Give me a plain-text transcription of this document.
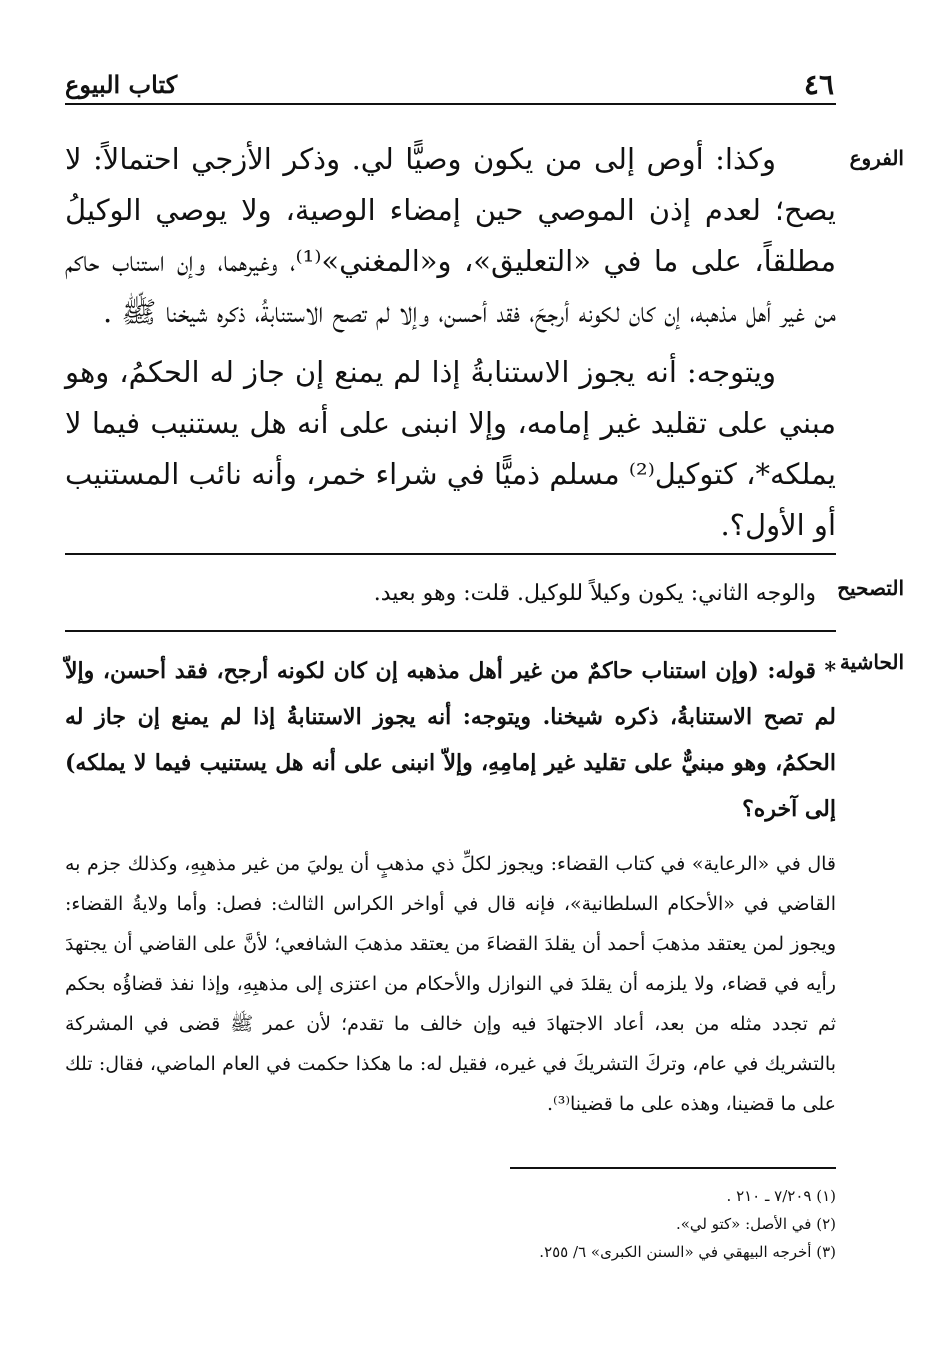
٤٦
كتاب البيوع
الفروع

وكذا: أوص إلى من يكون وصيًّا لي. وذكر الأزجي احتمالاً: لا يصح؛ لعدم إذن الموصي حين إمضاء الوصية، ولا يوصي الوكيلُ مطلقاً، على ما في «التعليق»، و«المغني»⁽¹⁾، وغيرهما، وإن استناب حاكم من غير أهل مذهبه، إن كان لكونه أرجحَ، فقد أحسن، وإلا لم تصح الاستنابةُ، ذكره شيخنا ﷺ .

ويتوجه: أنه يجوز الاستنابةُ إذا لم يمنع إن جاز له الحكمُ، وهو مبني على تقليد غير إمامه، وإلا انبنى على أنه هل يستنيب فيما لا يملكه*، كتوكيل⁽²⁾ مسلم ذميًّا في شراء خمر، وأنه نائب المستنيب أو الأول؟.

التصحيح

والوجه الثاني: يكون وكيلاً للوكيل. قلت: وهو بعيد.

الحاشية

* قوله: (وإن استناب حاكمٌ من غير أهل مذهبه إن كان لكونه أرجح، فقد أحسن، وإلاّ لم تصح الاستنابةُ، ذكره شيخنا. ويتوجه: أنه يجوز الاستنابةُ إذا لم يمنع إن جاز له الحكمُ، وهو مبنيٌّ على تقليد غير إمامِهِ، وإلاّ انبنى على أنه هل يستنيب فيما لا يملكه) إلى آخره؟

قال في «الرعاية» في كتاب القضاء: ويجوز لكلِّ ذي مذهبٍ أن يوليَ من غير مذهبِهِ، وكذلك جزم به القاضي في «الأحكام السلطانية»، فإنه قال في أواخر الكراس الثالث: فصل: وأما ولايةُ القضاء: ويجوز لمن يعتقد مذهبَ أحمد أن يقلدَ القضاءَ من يعتقد مذهبَ الشافعي؛ لأنَّ على القاضي أن يجتهدَ رأيه في قضاء، ولا يلزمه أن يقلدَ في النوازل والأحكام من اعتزى إلى مذهبِهِ، وإذا نفذ قضاؤُه بحكم ثم تجدد مثله من بعد، أعاد الاجتهادَ فيه وإن خالف ما تقدم؛ لأن عمر ﷺ قضى في المشركة بالتشريك في عام، وتركَ التشريكَ في غيره، فقيل له: ما هكذا حكمت في العام الماضي، فقال: تلك على ما قضينا، وهذه على ما قضينا⁽³⁾.

(١) ٧/٢٠٩ ـ ٢١٠ .
(٢) في الأصل: «كتو لي».
(٣) أخرجه البيهقي في «السنن الكبرى» ٦/ ٢٥٥.
